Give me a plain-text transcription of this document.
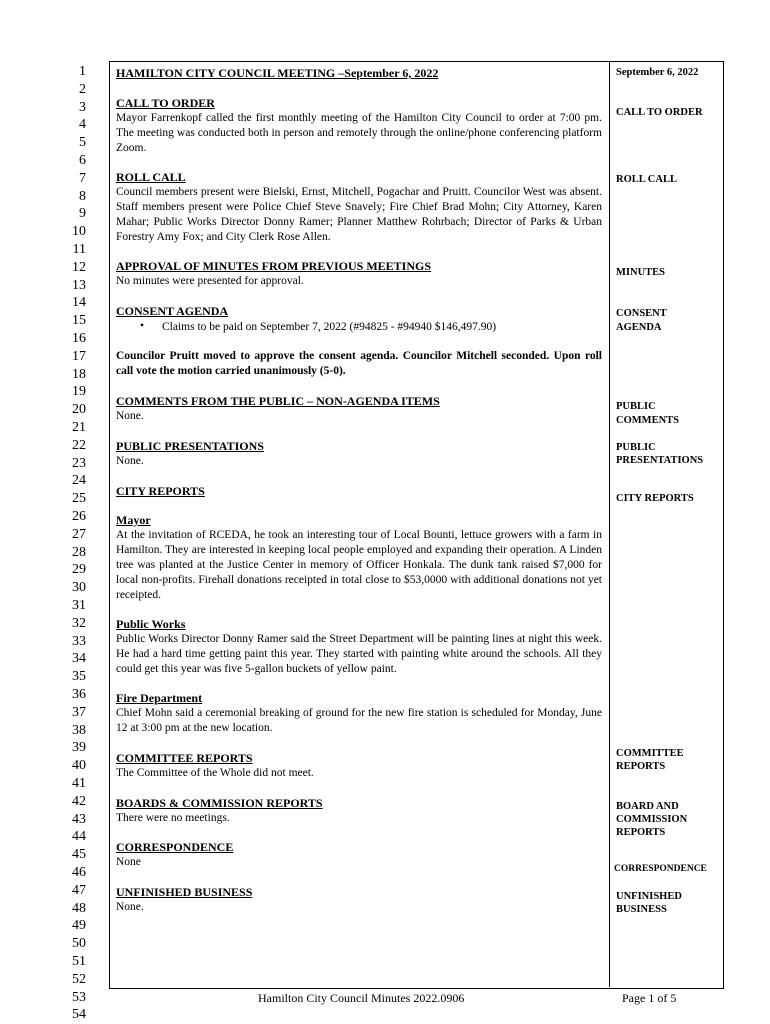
1
2
3
4
5
6
7
8
9
10
11
12
13
14
15
16
17
18
19
20
21
22
23
24
25
26
27
28
29
30
31
32
33
34
35
36
37
38
39
40
41
42
43
44
45
46
47
48
49
50
51
52
53
54
HAMILTON CITY COUNCIL MEETING –September 6, 2022	September 6, 2022
CALL TO ORDER
Mayor Farrenkopf called the first monthly meeting of the Hamilton City Council to order at 7:00 pm. The meeting was conducted both in person and remotely through the online/phone conferencing platform Zoom.
CALL TO ORDER
ROLL CALL
Council members present were Bielski, Ernst, Mitchell, Pogachar and Pruitt. Councilor West was absent. Staff members present were Police Chief Steve Snavely; Fire Chief Brad Mohn; City Attorney, Karen Mahar; Public Works Director Donny Ramer; Planner Matthew Rohrbach; Director of Parks & Urban Forestry Amy Fox; and City Clerk Rose Allen.
ROLL CALL
APPROVAL OF MINUTES FROM PREVIOUS MEETINGS
No minutes were presented for approval.
MINUTES
CONSENT AGENDA
• Claims to be paid on September 7, 2022 (#94825 - #94940 $146,497.90)
Councilor Pruitt moved to approve the consent agenda. Councilor Mitchell seconded. Upon roll call vote the motion carried unanimously (5-0).
CONSENT
AGENDA
COMMENTS FROM THE PUBLIC – NON-AGENDA ITEMS
None.
PUBLIC
COMMENTS
PUBLIC PRESENTATIONS
None.
PUBLIC
PRESENTATIONS
CITY REPORTS
CITY REPORTS
Mayor
At the invitation of RCEDA, he took an interesting tour of Local Bounti, lettuce growers with a farm in Hamilton. They are interested in keeping local people employed and expanding their operation. A Linden tree was planted at the Justice Center in memory of Officer Honkala. The dunk tank raised $7,000 for local non-profits. Firehall donations receipted in total close to $53,0000 with additional donations not yet receipted.
Public Works
Public Works Director Donny Ramer said the Street Department will be painting lines at night this week. He had a hard time getting paint this year. They started with painting white around the schools. All they could get this year was five 5-gallon buckets of yellow paint.
Fire Department
Chief Mohn said a ceremonial breaking of ground for the new fire station is scheduled for Monday, June 12 at 3:00 pm at the new location.
COMMITTEE REPORTS
The Committee of the Whole did not meet.
COMMITTEE
REPORTS
BOARDS & COMMISSION REPORTS
There were no meetings.
BOARD AND
COMMISSION
REPORTS
CORRESPONDENCE
None
CORRESPONDENCE
UNFINISHED BUSINESS
None.
UNFINISHED
BUSINESS
Hamilton City Council Minutes 2022.0906	Page 1 of 5
